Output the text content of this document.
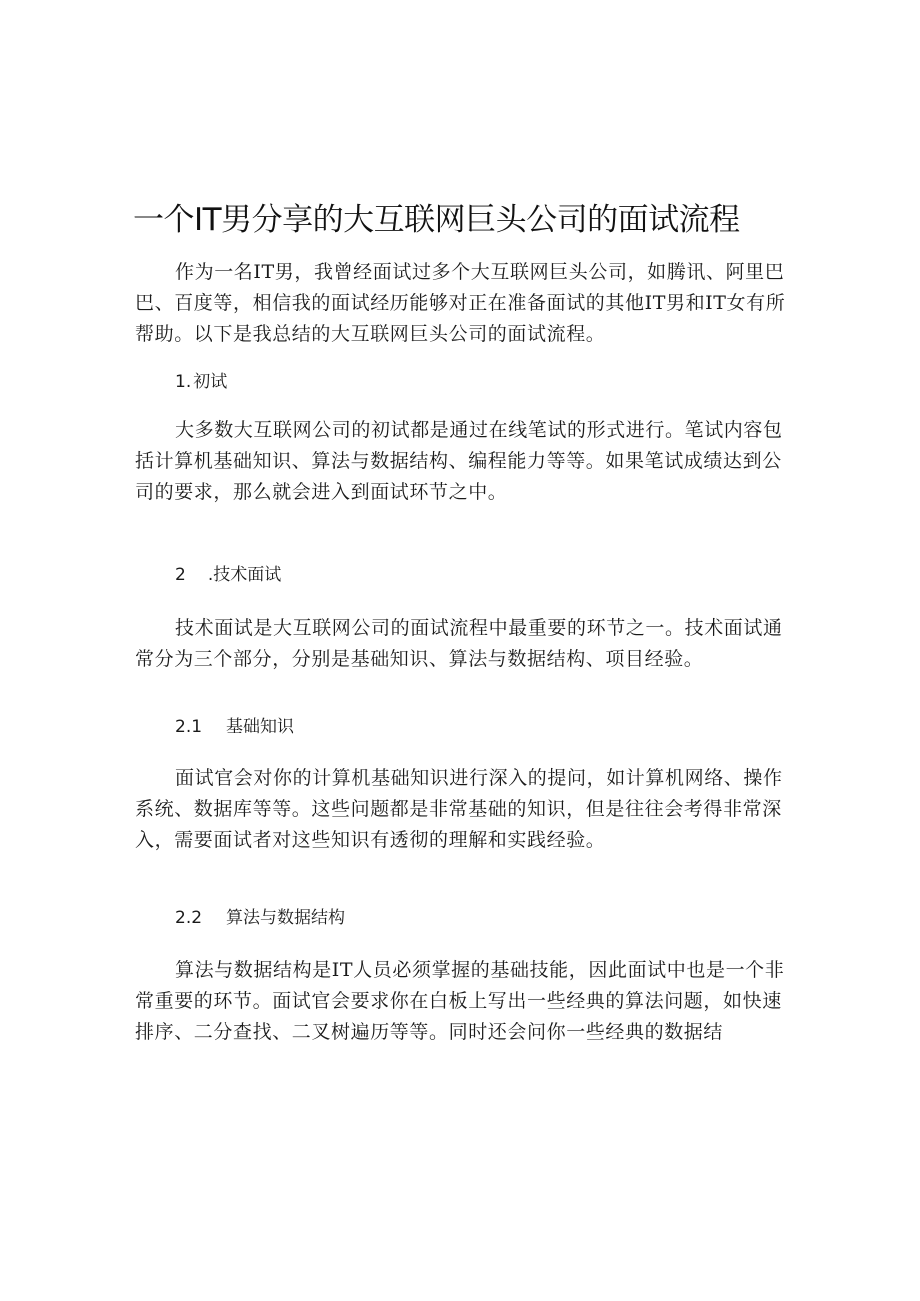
一个IT男分享的大互联网巨头公司的面试流程

作为一名IT男，我曾经面试过多个大互联网巨头公司，如腾讯、阿里巴巴、百度等，相信我的面试经历能够对正在准备面试的其他IT男和IT女有所帮助。以下是我总结的大互联网巨头公司的面试流程。

1. 初试

大多数大互联网公司的初试都是通过在线笔试的形式进行。笔试内容包括计算机基础知识、算法与数据结构、编程能力等等。如果笔试成绩达到公司的要求，那么就会进入到面试环节之中。

2 .技术面试

技术面试是大互联网公司的面试流程中最重要的环节之一。技术面试通常分为三个部分，分别是基础知识、算法与数据结构、项目经验。

2.1 基础知识

面试官会对你的计算机基础知识进行深入的提问，如计算机网络、操作系统、数据库等等。这些问题都是非常基础的知识，但是往往会考得非常深入，需要面试者对这些知识有透彻的理解和实践经验。

2.2 算法与数据结构

算法与数据结构是IT人员必须掌握的基础技能，因此面试中也是一个非常重要的环节。面试官会要求你在白板上写出一些经典的算法问题，如快速排序、二分查找、二叉树遍历等等。同时还会问你一些经典的数据结
